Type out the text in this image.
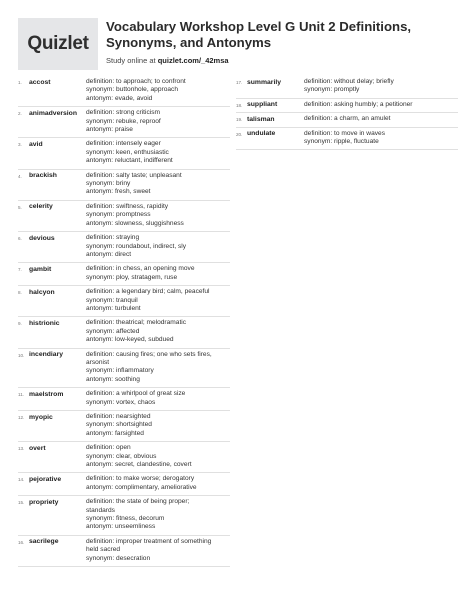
Quizlet
Vocabulary Workshop Level G Unit 2 Definitions, Synonyms, and Antonyms
Study online at quizlet.com/_42msa
1.	accost	definition: to approach; to confront
synonym: buttonhole, approach
antonym: evade, avoid
2.	animadversion	definition: strong criticism
synonym: rebuke, reproof
antonym: praise
3.	avid	definition: intensely eager
synonym: keen, enthusiastic
antonym: reluctant, indifferent
4.	brackish	definition: salty taste; unpleasant
synonym: briny
antonym: fresh, sweet
5.	celerity	definition: swiftness, rapidity
synonym: promptness
antonym: slowness, sluggishness
6.	devious	definition: straying
synonym: roundabout, indirect, sly
antonym: direct
7.	gambit	definition: in chess, an opening move
synonym: ploy, stratagem, ruse
8.	halcyon	definition: a legendary bird; calm, peaceful
synonym: tranquil
antonym: turbulent
9.	histrionic	definition: theatrical; melodramatic
synonym: affected
antonym: low-keyed, subdued
10. incendiary	definition: causing fires; one who sets fires,
arsonist
synonym: inflammatory
antonym: soothing
11. maelstrom	definition: a whirlpool of great size
synonym: vortex, chaos
12. myopic	definition: nearsighted
synonym: shortsighted
antonym: farsighted
13. overt	definition: open
synonym: clear, obvious
antonym: secret, clandestine, covert
14. pejorative	definition: to make worse; derogatory
antonym: complimentary, ameliorative
15. propriety	definition: the state of being proper;
standards
synonym: fitness, decorum
antonym: unseemliness
16. sacrilege	definition: improper treatment of something
held sacred
synonym: desecration
17. summarily	definition: without delay; briefly
synonym: promptly
18. suppliant	definition: asking humbly; a petitioner
19. talisman	definition: a charm, an amulet
20. undulate	definition: to move in waves
synonym: ripple, fluctuate
